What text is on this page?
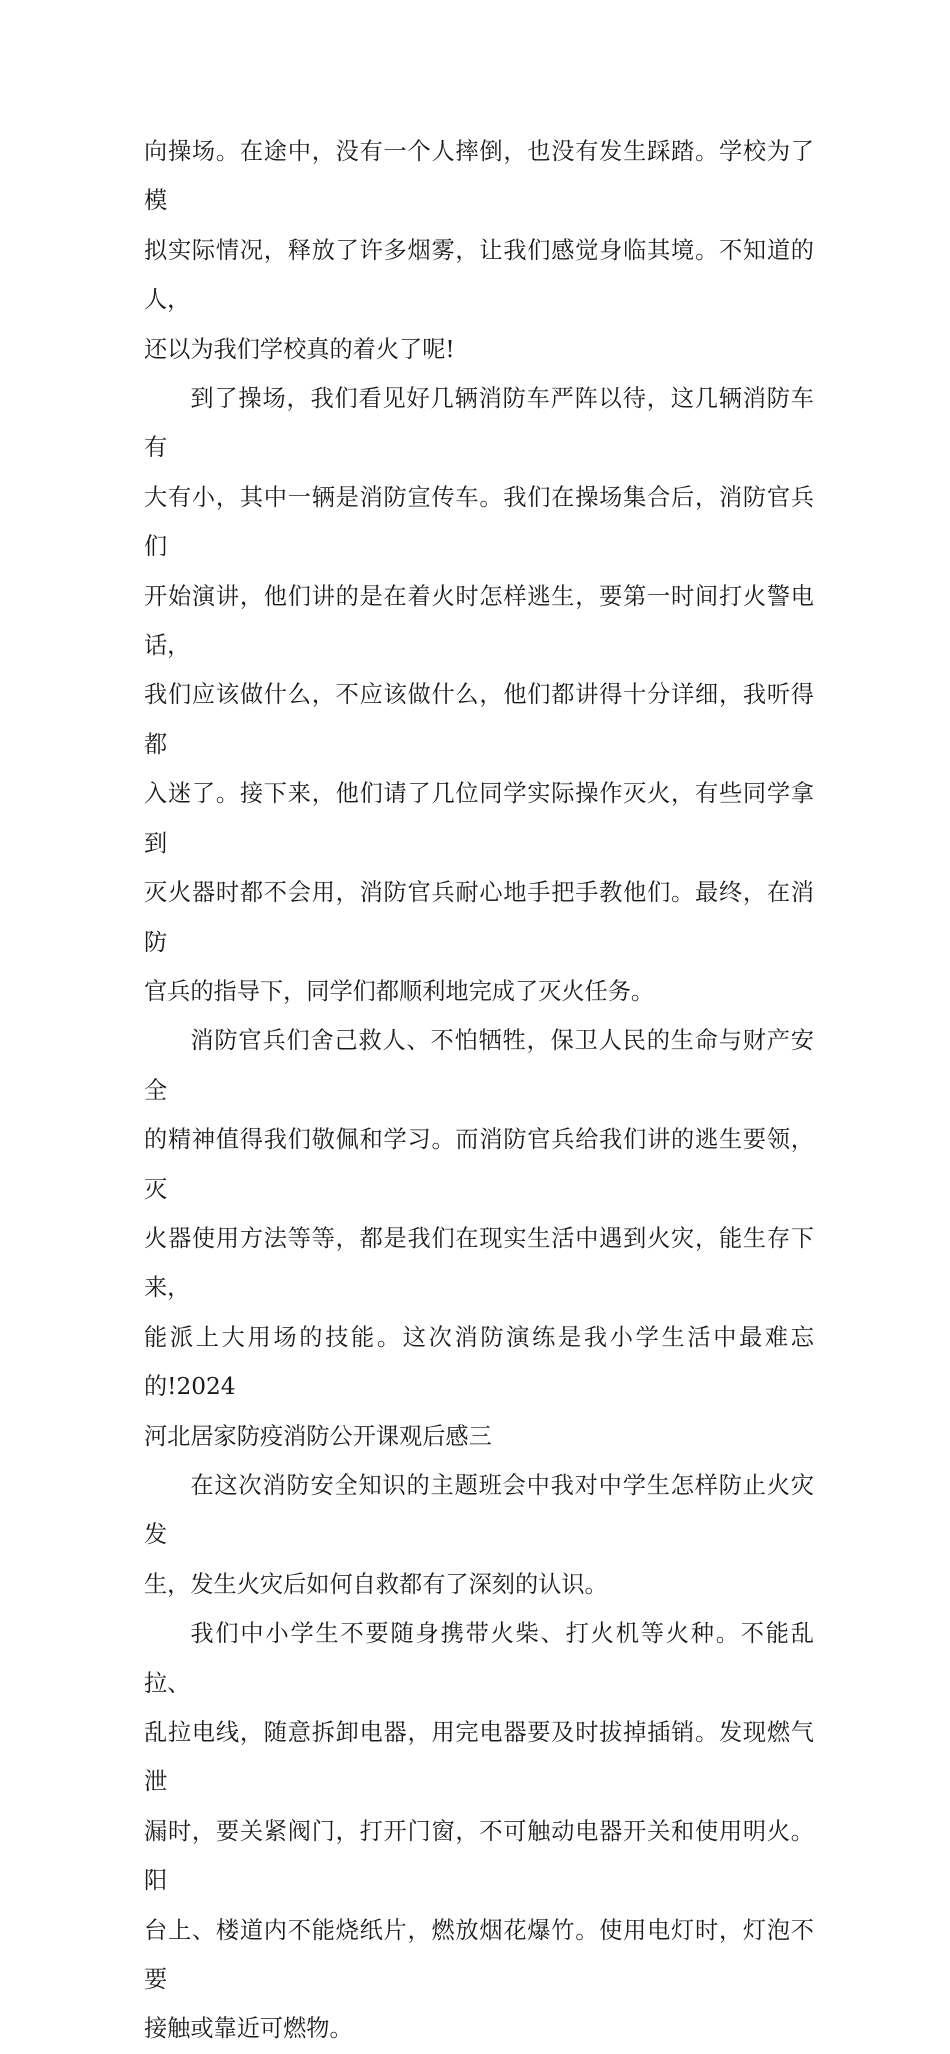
向操场。在途中，没有一个人摔倒，也没有发生踩踏。学校为了模
拟实际情况，释放了许多烟雾，让我们感觉身临其境。不知道的人，
还以为我们学校真的着火了呢!

到了操场，我们看见好几辆消防车严阵以待，这几辆消防车有
大有小，其中一辆是消防宣传车。我们在操场集合后，消防官兵们
开始演讲，他们讲的是在着火时怎样逃生，要第一时间打火警电话，
我们应该做什么，不应该做什么，他们都讲得十分详细，我听得都
入迷了。接下来，他们请了几位同学实际操作灭火，有些同学拿到
灭火器时都不会用，消防官兵耐心地手把手教他们。最终，在消防
官兵的指导下，同学们都顺利地完成了灭火任务。

消防官兵们舍己救人、不怕牺牲，保卫人民的生命与财产安全
的精神值得我们敬佩和学习。而消防官兵给我们讲的逃生要领，灭
火器使用方法等等，都是我们在现实生活中遇到火灾，能生存下来，
能派上大用场的技能。这次消防演练是我小学生活中最难忘的!2024
河北居家防疫消防公开课观后感三

在这次消防安全知识的主题班会中我对中学生怎样防止火灾发
生，发生火灾后如何自救都有了深刻的认识。

我们中小学生不要随身携带火柴、打火机等火种。不能乱拉、
乱拉电线，随意拆卸电器，用完电器要及时拔掉插销。发现燃气泄
漏时，要关紧阀门，打开门窗，不可触动电器开关和使用明火。阳
台上、楼道内不能烧纸片，燃放烟花爆竹。使用电灯时，灯泡不要
接触或靠近可燃物。
